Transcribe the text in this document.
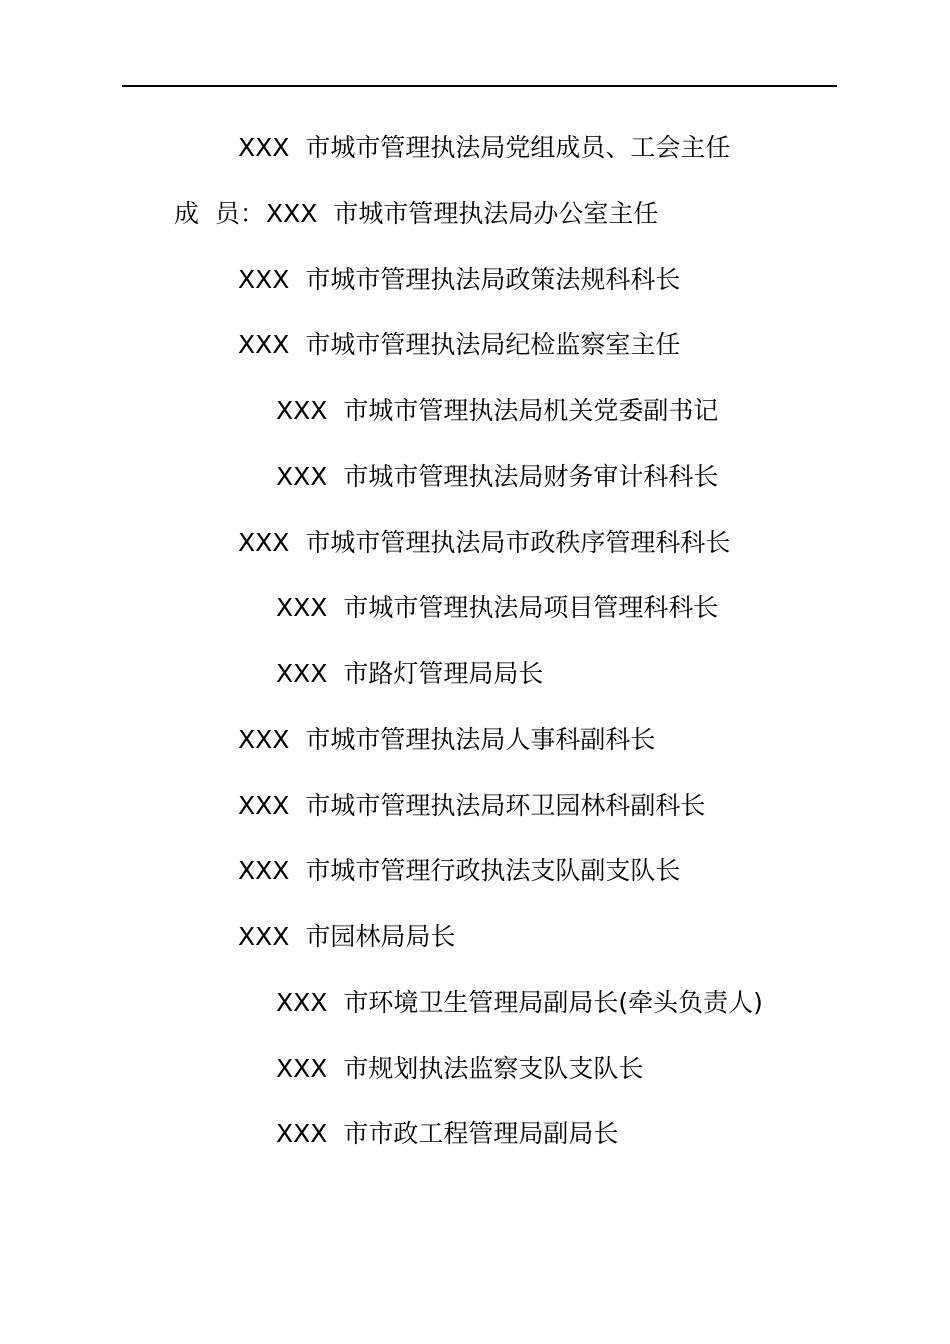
XXX 市城市管理执法局党组成员、工会主任
成  员：XXX 市城市管理执法局办公室主任
XXX 市城市管理执法局政策法规科科长
XXX 市城市管理执法局纪检监察室主任
XXX 市城市管理执法局机关党委副书记
XXX 市城市管理执法局财务审计科科长
XXX 市城市管理执法局市政秩序管理科科长
XXX 市城市管理执法局项目管理科科长
XXX 市路灯管理局局长
XXX 市城市管理执法局人事科副科长
XXX 市城市管理执法局环卫园林科副科长
XXX 市城市管理行政执法支队副支队长
XXX 市园林局局长
XXX 市环境卫生管理局副局长(牵头负责人)
XXX 市规划执法监察支队支队长
XXX 市市政工程管理局副局长
